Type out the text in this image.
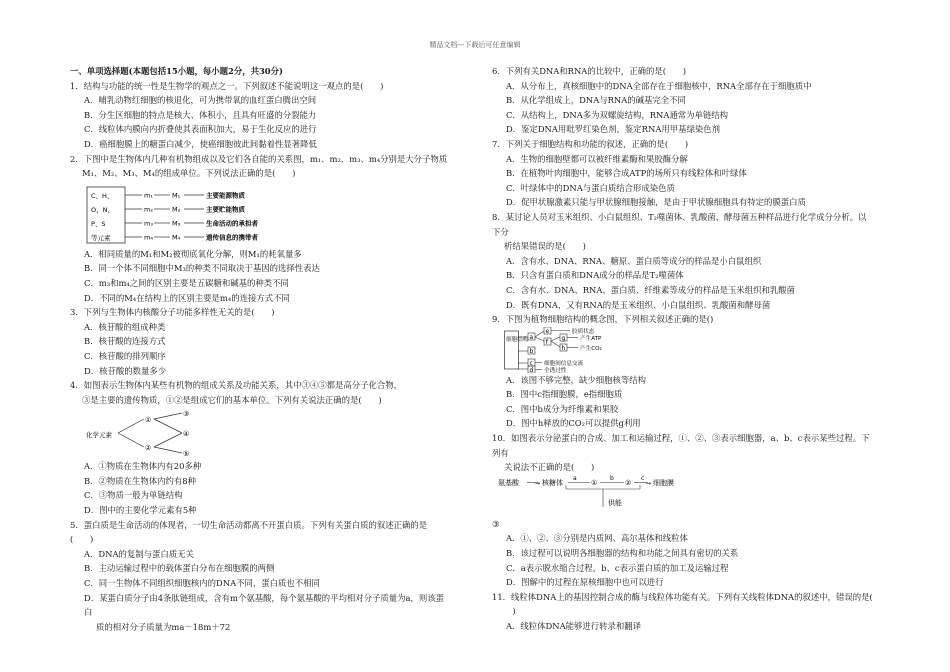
精品文档---下载后可任意编辑
一、单项选择题(本题包括15小题，每小题2分，共30分)
1．结构与功能的统一性是生物学的观点之一。下列叙述不能说明这一观点的是(　　)
A．哺乳动物红细胞的核退化，可为携带氧的血红蛋白腾出空间
B．分生区细胞的特点是核大、体积小，且具有旺盛的分裂能力
C．线粒体内膜向内折叠使其表面积加大，易于生化反应的进行
D．癌细胞膜上的糖蛋白减少，使癌细胞彼此间黏着性显著降低
2．下图中是生物体内几种有机物组成以及它们各自能的关系图，m₁、m₂、m₃、m₄分别是大分子物质
M₁、M₂、M₃、M₄的组成单位。下列说法正确的是(　　)
C、H、
O、N、
P、S
等元素
m₁	M₁	主要能源物质
m₂	M₂	主要贮能物质
m₃	M₃	生命活动的承担者
m₄	M₄	遗传信息的携带者
A．相同质量的M₁和M₂被彻底氧化分解，则M₁的耗氧量多
B．同一个体不同细胞中M₃的种类不同取决于基因的选择性表达
C．m₃和m₄之间的区别主要是五碳糖和碱基的种类不同
D．不同的M₄在结构上的区别主要是m₄的连接方式不同
3．下列与生物体内核酸分子功能多样性无关的是(　　)
A．核苷酸的组成种类
B．核苷酸的连接方式
C．核苷酸的排列顺序
D．核苷酸的数量多少
4．如图表示生物体内某些有机物的组成关系及功能关系，其中③④⑤都是高分子化合物，
③是主要的遗传物质，①②是组成它们的基本单位。下列有关说法正确的是(　　)
化学元素
①
②
③
④
⑤
A．①物质在生物体内有20多种
B．②物质在生物体内约有8种
C．③物质一般为单链结构
D．图中的主要化学元素有5种
5．蛋白质是生命活动的体现者，一切生命活动都离不开蛋白质。下列有关蛋白质的叙述正确的是(　　)
A．DNA的复制与蛋白质无关
B．主动运输过程中的载体蛋白分布在细胞膜的两侧
C．同一生物体不同组织细胞核内的DNA不同，蛋白质也不相同
D．某蛋白质分子由4条肽链组成，含有m个氨基酸，每个氨基酸的平均相对分子质量为a，则该蛋白
质的相对分子质量为ma－18m＋72
6．下列有关DNA和RNA的比较中，正确的是(　　)
A．从分布上，真核细胞中的DNA全部存在于细胞核中，RNA全部存在于细胞质中
B．从化学组成上，DNA与RNA的碱基完全不同
C．从结构上，DNA多为双螺旋结构，RNA通常为单链结构
D．鉴定DNA用吡罗红染色剂，鉴定RNA用甲基绿染色剂
7．下列关于细胞结构和功能的叙述，正确的是(　　)
A．生物的细胞壁都可以被纤维素酶和果胶酶分解
B．在植物叶肉细胞中，能够合成ATP的场所只有线粒体和叶绿体
C．叶绿体中的DNA与蛋白质结合形成染色质
D．促甲状腺激素只能与甲状腺细胞接触，是由于甲状腺细胞具有特定的膜蛋白质
8．某讨论人员对玉米组织、小白鼠组织、T₂噬菌体、乳酸菌、酵母菌五种样品进行化学成分分析。以下分
析结果错误的是(　　)
A．含有水、DNA、RNA、糖原、蛋白质等成分的样品是小白鼠组织
B．只含有蛋白质和DNA成分的样品是T₂噬菌体
C．含有水、DNA、RNA、蛋白质、纤维素等成分的样品是玉米组织和乳酸菌
D．既有DNA，又有RNA的是玉米组织、小白鼠组织、乳酸菌和酵母菌
9．下图为植物细胞结构的概念图，下列相关叙述正确的是()
细胞结构 a
b
c
d
e
f
g
h
胶质状态
产生ATP
产生CO₂
细胞间信息交流
全透过性
A．该图不够完整，缺少细胞核等结构
B．图中c指细胞膜，e指细胞质
C．图中b成分为纤维素和果胶
D．图中h释放的CO₂可以提供g利用
10．如图表示分泌蛋白的合成、加工和运输过程，①、②、③表示细胞器，a、b、c表示某些过程。下列有
关说法不正确的是(　　)
氨基酸	→ 核糖体
a
①
b
②
c
→ 细胞膜
供能
③
A．①、②、③分别是内质网、高尔基体和线粒体
B．该过程可以说明各细胞器的结构和功能之间具有密切的关系
C．a表示脱水缩合过程，b、c表示蛋白质的加工及运输过程
D．图解中的过程在原核细胞中也可以进行
11．线粒体DNA上的基因控制合成的酶与线粒体功能有关。下列有关线粒体DNA的叙述中，错误的是(
　)
A．线粒体DNA能够进行转录和翻译
